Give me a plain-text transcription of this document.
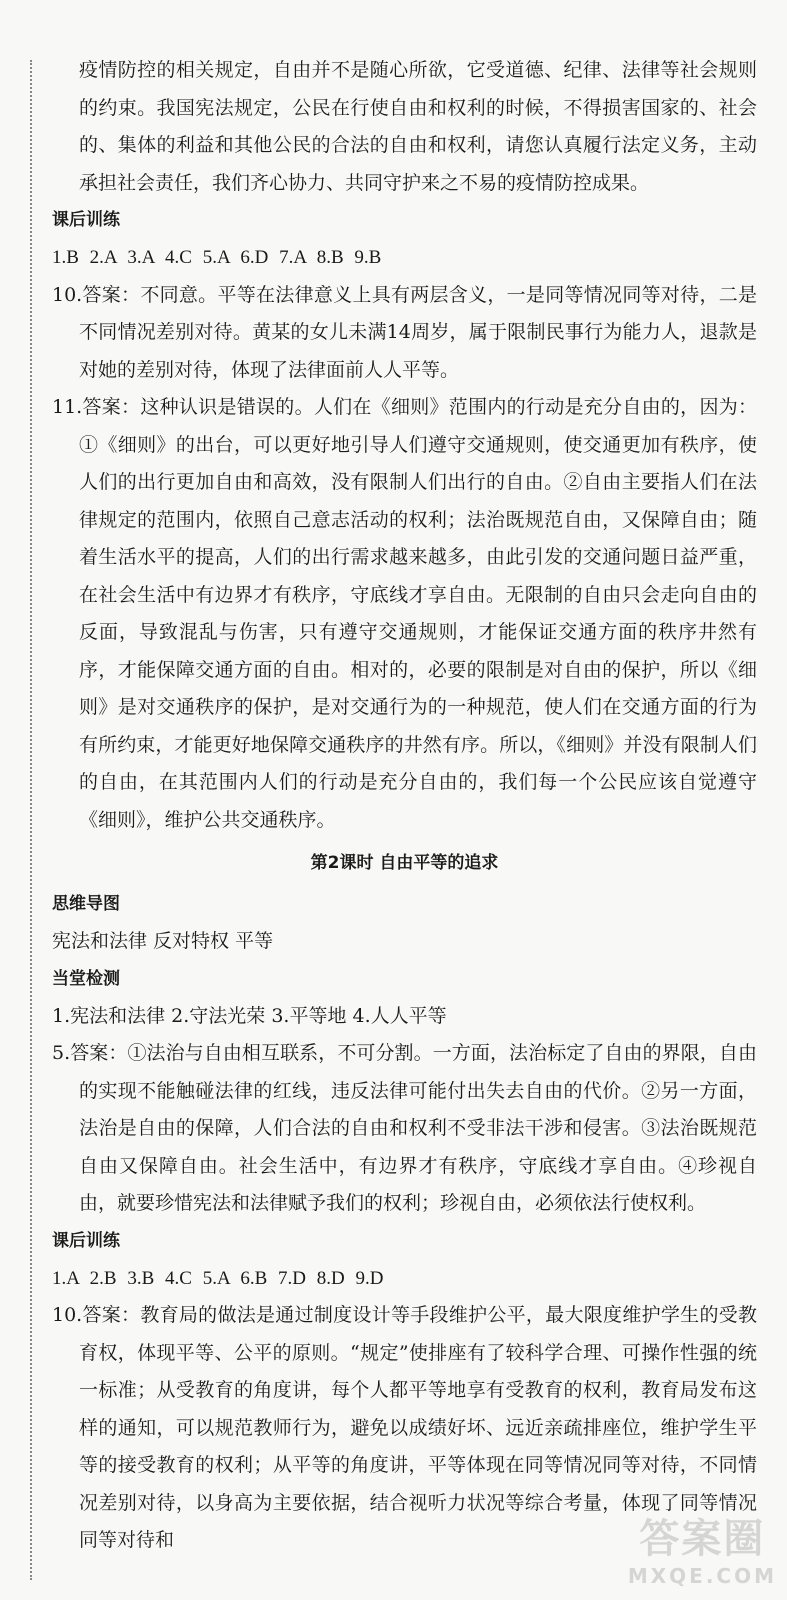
疫情防控的相关规定，自由并不是随心所欲，它受道德、纪律、法律等社会规则的约束。我国宪法规定，公民在行使自由和权利的时候，不得损害国家的、社会的、集体的利益和其他公民的合法的自由和权利，请您认真履行法定义务，主动承担社会责任，我们齐心协力、共同守护来之不易的疫情防控成果。

课后训练

1.B 2.A 3.A 4.C 5.A 6.D 7.A 8.B 9.B

10.答案：不同意。平等在法律意义上具有两层含义，一是同等情况同等对待，二是不同情况差别对待。黄某的女儿未满14周岁，属于限制民事行为能力人，退款是对她的差别对待，体现了法律面前人人平等。

11.答案：这种认识是错误的。人们在《细则》范围内的行动是充分自由的，因为：①《细则》的出台，可以更好地引导人们遵守交通规则，使交通更加有秩序，使人们的出行更加自由和高效，没有限制人们出行的自由。②自由主要指人们在法律规定的范围内，依照自己意志活动的权利；法治既规范自由，又保障自由；随着生活水平的提高，人们的出行需求越来越多，由此引发的交通问题日益严重，在社会生活中有边界才有秩序，守底线才享自由。无限制的自由只会走向自由的反面，导致混乱与伤害，只有遵守交通规则，才能保证交通方面的秩序井然有序，才能保障交通方面的自由。相对的，必要的限制是对自由的保护，所以《细则》是对交通秩序的保护，是对交通行为的一种规范，使人们在交通方面的行为有所约束，才能更好地保障交通秩序的井然有序。所以，《细则》并没有限制人们的自由，在其范围内人们的行动是充分自由的，我们每一个公民应该自觉遵守《细则》，维护公共交通秩序。

第2课时 自由平等的追求
思维导图

宪法和法律 反对特权 平等

当堂检测

1.宪法和法律 2.守法光荣 3.平等地 4.人人平等

5.答案：①法治与自由相互联系，不可分割。一方面，法治标定了自由的界限，自由的实现不能触碰法律的红线，违反法律可能付出失去自由的代价。②另一方面，法治是自由的保障，人们合法的自由和权利不受非法干涉和侵害。③法治既规范自由又保障自由。社会生活中，有边界才有秩序，守底线才享自由。④珍视自由，就要珍惜宪法和法律赋予我们的权利；珍视自由，必须依法行使权利。

课后训练

1.A 2.B 3.B 4.C 5.A 6.B 7.D 8.D 9.D

10.答案：教育局的做法是通过制度设计等手段维护公平，最大限度维护学生的受教育权，体现平等、公平的原则。“规定”使排座有了较科学合理、可操作性强的统一标准；从受教育的角度讲，每个人都平等地享有受教育的权利，教育局发布这样的通知，可以规范教师行为，避免以成绩好坏、远近亲疏排座位，维护学生平等的接受教育的权利；从平等的角度讲，平等体现在同等情况同等对待，不同情况差别对待，以身高为主要依据，结合视听力状况等综合考量，体现了同等情况同等对待和	答案圈
MXQE.COM
